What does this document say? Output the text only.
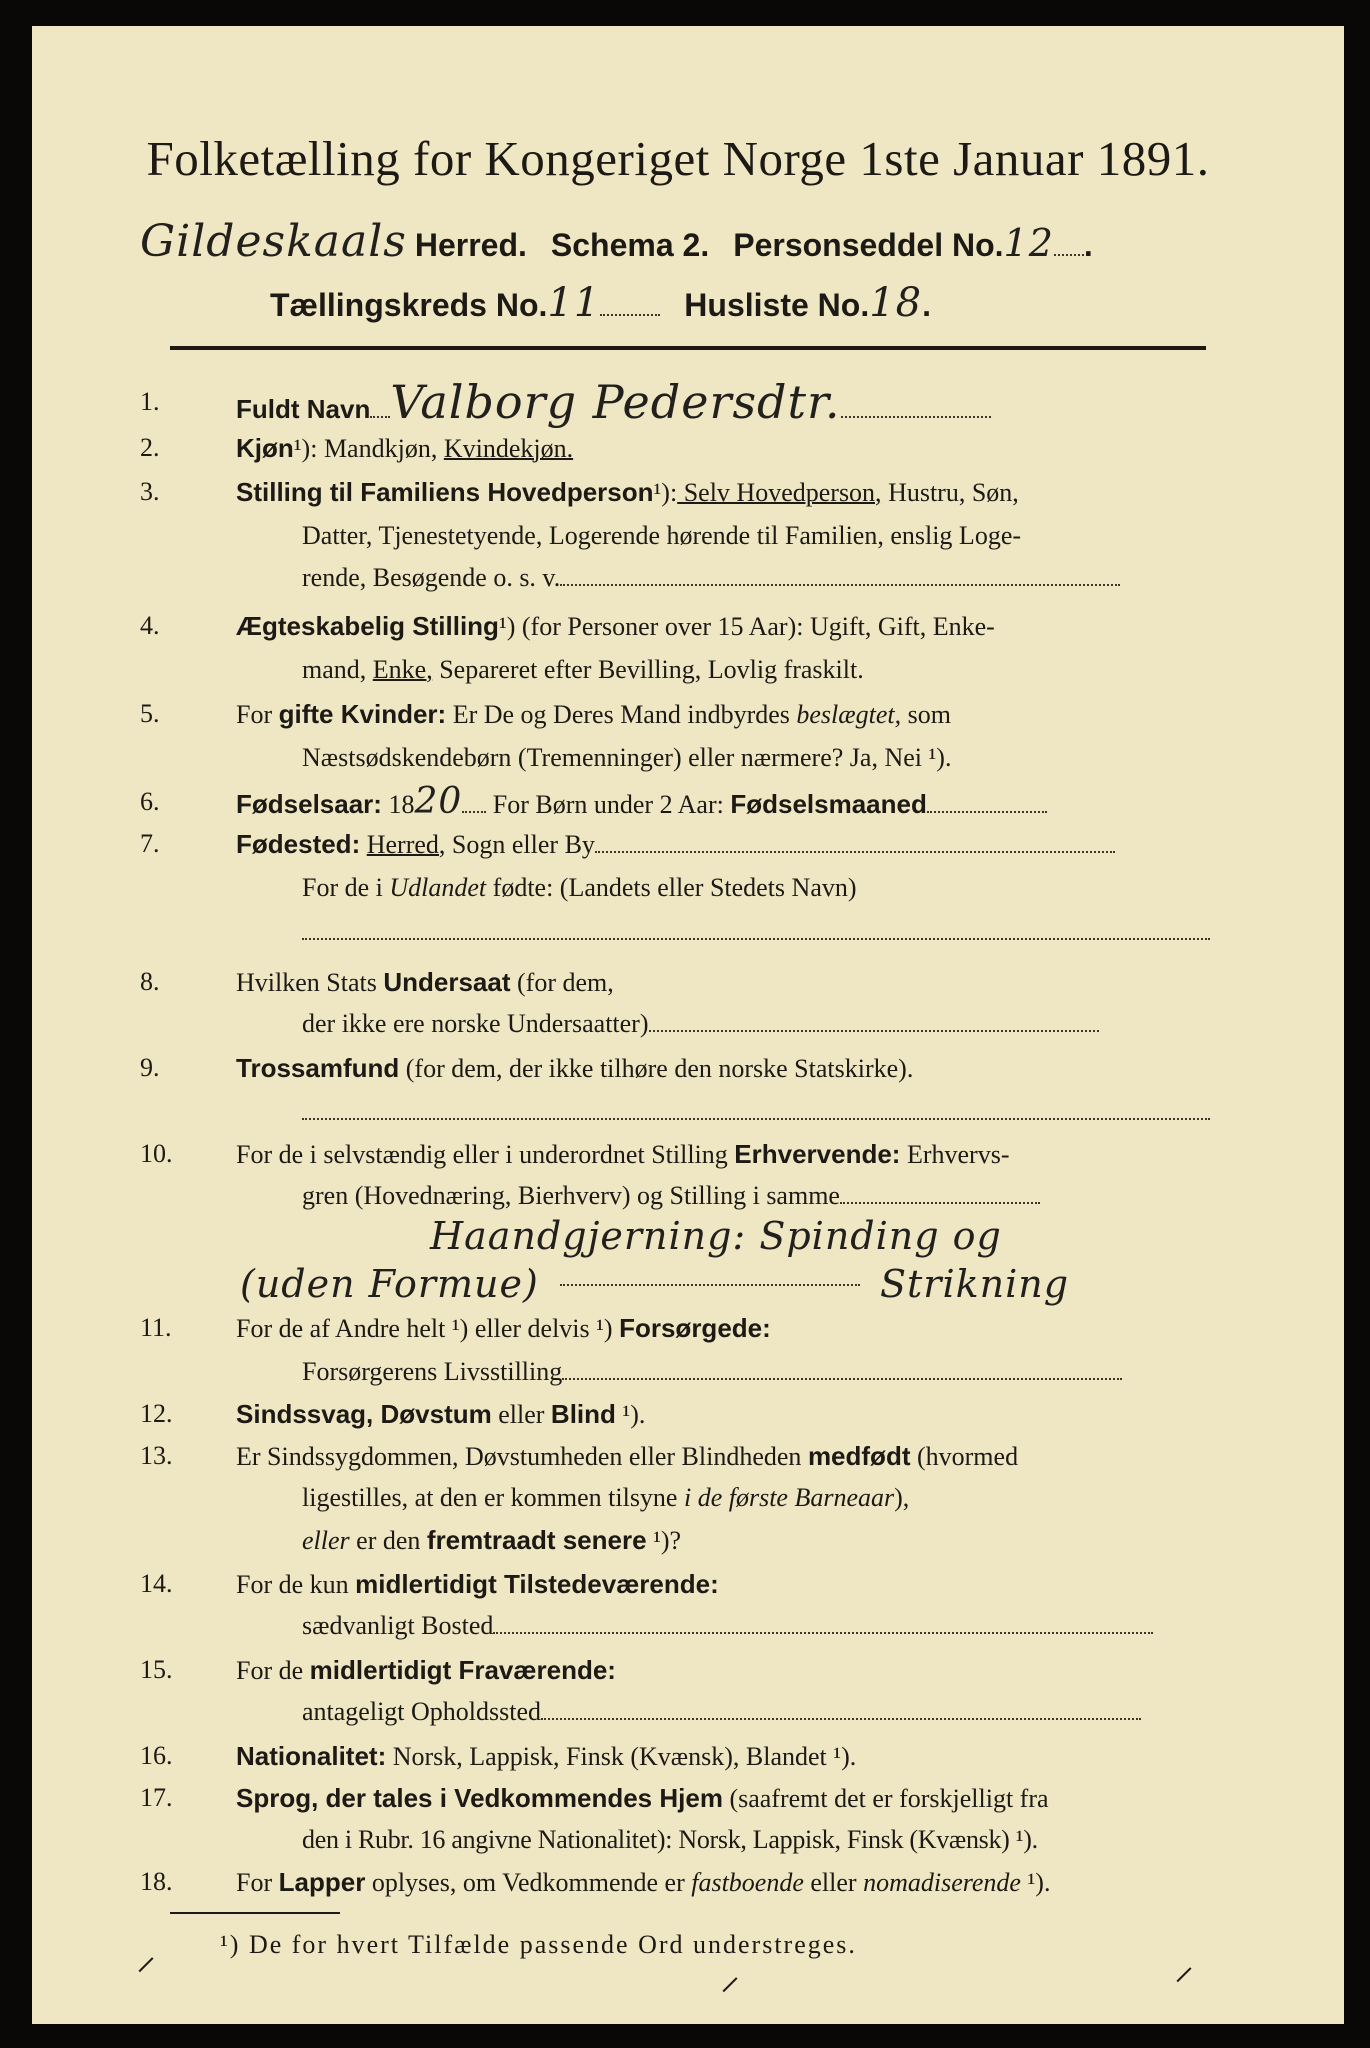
Folketælling for Kongeriget Norge 1ste Januar 1891.
Gildeskaals Herred. Schema 2. Personseddel No.12 .
Tællingskreds No.11	Husliste No.18.
1.	Fuldt Navn Valborg Pedersdtr.
2.	Kjøn¹): Mandkjøn, Kvindekjøn.
3.	Stilling til Familiens Hovedperson¹): Selv Hovedperson, Hustru, Søn,
Datter, Tjenestetyende, Logerende hørende til Familien, enslig Loge-
rende, Besøgende o. s. v.
4.	Ægteskabelig Stilling¹) (for Personer over 15 Aar): Ugift, Gift, Enke-
mand, Enke, Separeret efter Bevilling, Lovlig fraskilt.
5.	For gifte Kvinder: Er De og Deres Mand indbyrdes beslægtet, som
Næstsødskendebørn (Tremenninger) eller nærmere? Ja, Nei ¹).
6.	Fødselsaar: 1820 For Børn under 2 Aar: Fødselsmaaned
7.	Fødested: Herred, Sogn eller By
For de i Udlandet fødte: (Landets eller Stedets Navn)
8.	Hvilken Stats Undersaat (for dem,
der ikke ere norske Undersaatter)
9.	Trossamfund (for dem, der ikke tilhøre den norske Statskirke).
10.	For de i selvstændig eller i underordnet Stilling Erhvervende: Erhvervs-
gren (Hovednæring, Bierhverv) og Stilling i samme
Haandgjerning: Spinding og
(uden Formue)	Strikning
11.	For de af Andre helt ¹) eller delvis ¹) Forsørgede:
Forsørgerens Livsstilling
12.	Sindssvag, Døvstum eller Blind ¹).
13.	Er Sindssygdommen, Døvstumheden eller Blindheden medfødt (hvormed
ligestilles, at den er kommen tilsyne i de første Barneaar),
eller er den fremtraadt senere ¹)?
14.	For de kun midlertidigt Tilstedeværende:
sædvanligt Bosted
15.	For de midlertidigt Fraværende:
antageligt Opholdssted
16.	Nationalitet: Norsk, Lappisk, Finsk (Kvænsk), Blandet ¹).
17.	Sprog, der tales i Vedkommendes Hjem (saafremt det er forskjelligt fra
den i Rubr. 16 angivne Nationalitet): Norsk, Lappisk, Finsk (Kvænsk) ¹).
18.	For Lapper oplyses, om Vedkommende er fastboende eller nomadiserende ¹).
¹) De for hvert Tilfælde passende Ord understreges.
⸝	⸝	⸝
